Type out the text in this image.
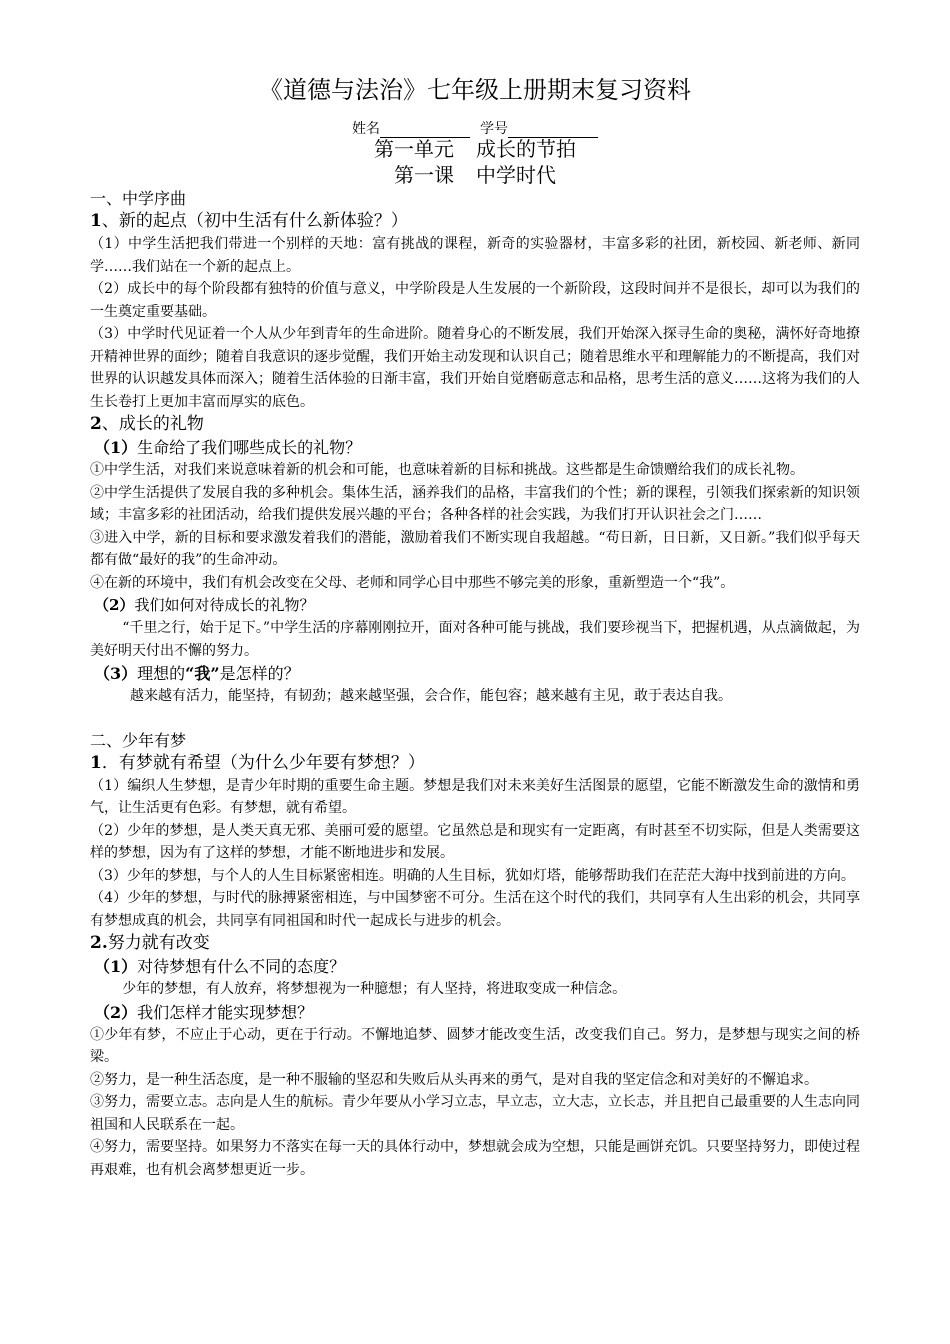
《道德与法治》七年级上册期末复习资料

姓名	学号

第一单元 成长的节拍

第一课 中学时代

一、中学序曲

1、新的起点（初中生活有什么新体验？）

（1）中学生活把我们带进一个别样的天地：富有挑战的课程，新奇的实验器材，丰富多彩的社团，新校园、新老师、新同学……我们站在一个新的起点上。

（2）成长中的每个阶段都有独特的价值与意义，中学阶段是人生发展的一个新阶段，这段时间并不是很长，却可以为我们的一生奠定重要基础。

（3）中学时代见证着一个人从少年到青年的生命进阶。随着身心的不断发展，我们开始深入探寻生命的奥秘，满怀好奇地撩开精神世界的面纱；随着自我意识的逐步觉醒，我们开始主动发现和认识自己；随着思维水平和理解能力的不断提高，我们对世界的认识越发具体而深入；随着生活体验的日渐丰富，我们开始自觉磨砺意志和品格，思考生活的意义……这将为我们的人生长卷打上更加丰富而厚实的底色。

2、成长的礼物

（1）生命给了我们哪些成长的礼物？

①中学生活，对我们来说意味着新的机会和可能，也意味着新的目标和挑战。这些都是生命馈赠给我们的成长礼物。

②中学生活提供了发展自我的多种机会。集体生活，涵养我们的品格，丰富我们的个性；新的课程，引领我们探索新的知识领域；丰富多彩的社团活动，给我们提供发展兴趣的平台；各种各样的社会实践，为我们打开认识社会之门……

③进入中学，新的目标和要求激发着我们的潜能，激励着我们不断实现自我超越。“苟日新，日日新，又日新。”我们似乎每天都有做“最好的我”的生命冲动。

④在新的环境中，我们有机会改变在父母、老师和同学心目中那些不够完美的形象，重新塑造一个“我”。

（2）我们如何对待成长的礼物？

“千里之行，始于足下。”中学生活的序幕刚刚拉开，面对各种可能与挑战，我们要珍视当下，把握机遇，从点滴做起，为美好明天付出不懈的努力。

（3）理想的“我”是怎样的？

越来越有活力，能坚持，有韧劲；越来越坚强，会合作，能包容；越来越有主见，敢于表达自我。

二、少年有梦

1．有梦就有希望（为什么少年要有梦想？）

（1）编织人生梦想，是青少年时期的重要生命主题。梦想是我们对未来美好生活图景的愿望，它能不断激发生命的激情和勇气，让生活更有色彩。有梦想，就有希望。

（2）少年的梦想，是人类天真无邪、美丽可爱的愿望。它虽然总是和现实有一定距离，有时甚至不切实际，但是人类需要这样的梦想，因为有了这样的梦想，才能不断地进步和发展。

（3）少年的梦想，与个人的人生目标紧密相连。明确的人生目标，犹如灯塔，能够帮助我们在茫茫大海中找到前进的方向。

（4）少年的梦想，与时代的脉搏紧密相连，与中国梦密不可分。生活在这个时代的我们，共同享有人生出彩的机会，共同享有梦想成真的机会，共同享有同祖国和时代一起成长与进步的机会。

2.努力就有改变

（1）对待梦想有什么不同的态度？

少年的梦想，有人放弃，将梦想视为一种臆想；有人坚持，将进取变成一种信念。

（2）我们怎样才能实现梦想？

①少年有梦，不应止于心动，更在于行动。不懈地追梦、圆梦才能改变生活，改变我们自己。努力，是梦想与现实之间的桥梁。

②努力，是一种生活态度，是一种不服输的坚忍和失败后从头再来的勇气，是对自我的坚定信念和对美好的不懈追求。

③努力，需要立志。志向是人生的航标。青少年要从小学习立志，早立志，立大志，立长志，并且把自己最重要的人生志向同祖国和人民联系在一起。

④努力，需要坚持。如果努力不落实在每一天的具体行动中，梦想就会成为空想，只能是画饼充饥。只要坚持努力，即使过程再艰难，也有机会离梦想更近一步。
